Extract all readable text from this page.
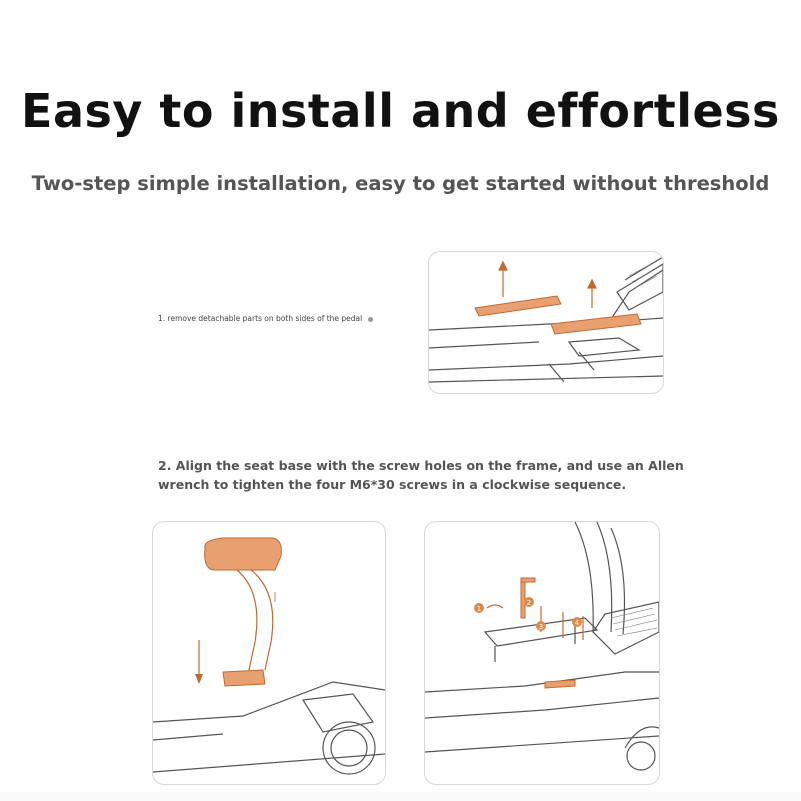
Easy to install and effortless

Two-step simple installation, easy to get started without threshold

1. remove detachable parts on both sides of the pedal
2. Align the seat base with the screw holes on the frame, and use an Allen wrench to tighten the four M6*30 screws in a clockwise sequence.
1
2
3	4
